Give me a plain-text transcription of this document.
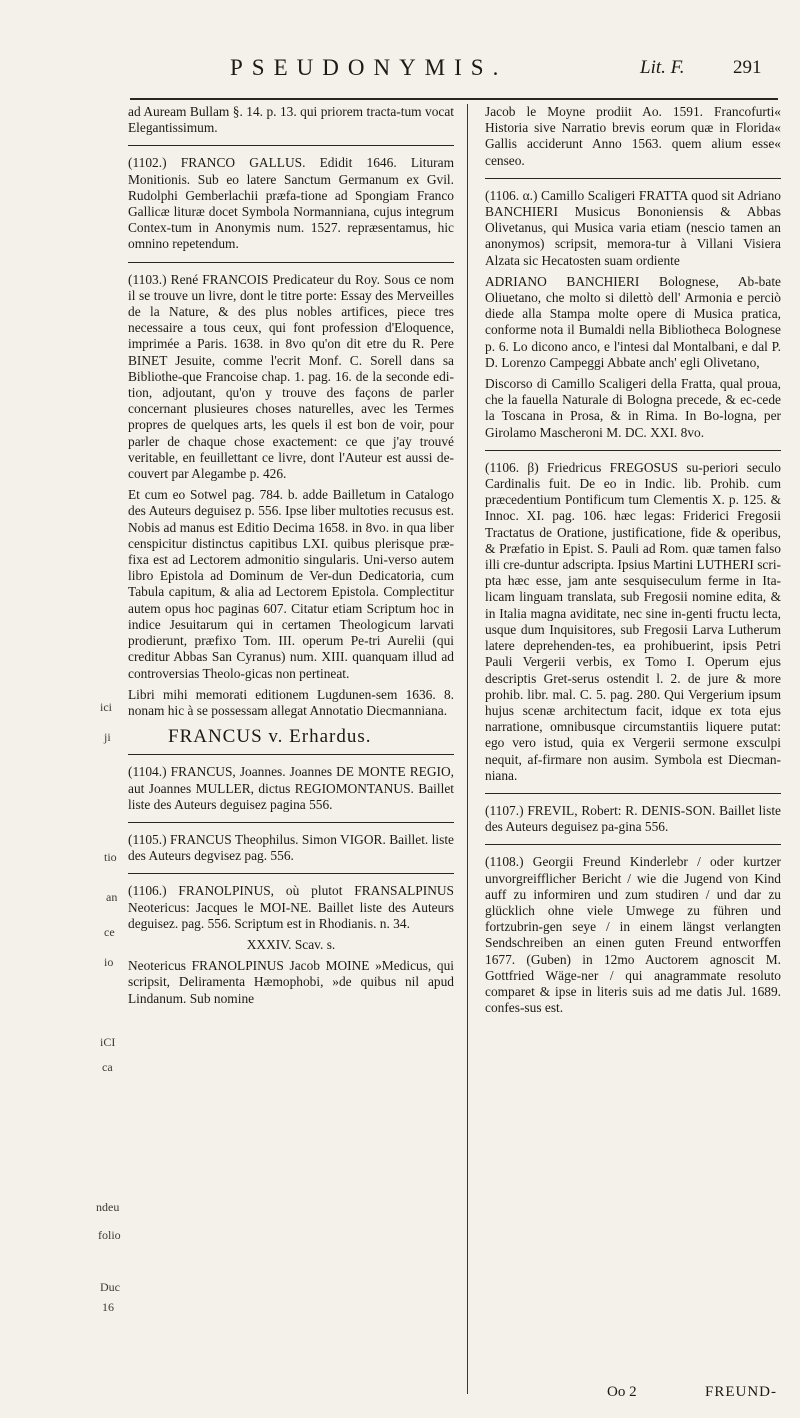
PSEUDONYMIS.	Lit. F.	291
ici
ji
tio
an
ce
io
iCI
ca
ndeu
folio
Duc
16

ad Auream Bullam §. 14. p. 13. qui priorem tracta-tum vocat Elegantissimum.

(1102.) FRANCO GALLUS. Edidit 1646. Lituram Monitionis. Sub eo latere Sanctum Germanum ex Gvil. Rudolphi Gemberlachii præfa-tione ad Spongiam Franco Gallicæ lituræ docet Symbola Normanniana, cujus integrum Contex-tum in Anonymis num. 1527. repræsentamus, hic omnino repetendum.

(1103.) René FRANCOIS Predicateur du Roy. Sous ce nom il se trouve un livre, dont le titre porte: Essay des Merveilles de la Nature, & des plus nobles artifices, piece tres necessaire a tous ceux, qui font profession d'Eloquence, imprimée a Paris. 1638. in 8vo qu'on dit etre du R. Pere BINET Jesuite, comme l'ecrit Monf. C. Sorell dans sa Bibliothe-que Francoise chap. 1. pag. 16. de la seconde edi-tion, adjoutant, qu'on y trouve des façons de parler concernant plusieures choses naturelles, avec les Termes propres de quelques arts, les quels il est bon de voir, pour parler de chaque chose exactement: ce que j'ay trouvé veritable, en feuillettant ce livre, dont l'Auteur est aussi de-couvert par Alegambe p. 426.

Et cum eo Sotwel pag. 784. b. adde Bailletum in Catalogo des Auteurs deguisez p. 556. Ipse liber multoties recusus est. Nobis ad manus est Editio Decima 1658. in 8vo. in qua liber censpicitur distinctus capitibus LXI. quibus plerisque præ-fixa est ad Lectorem admonitio singularis. Uni-verso autem libro Epistola ad Dominum de Ver-dun Dedicatoria, cum Tabula capitum, & alia ad Lectorem Epistola. Complectitur autem opus hoc paginas 607. Citatur etiam Scriptum hoc in indice Jesuitarum qui in certamen Theologicum larvati prodierunt, præfixo Tom. III. operum Pe-tri Aurelii (qui creditur Abbas San Cyranus) num. XIII. quanquam illud ad controversias Theolo-gicas non pertineat.

Libri mihi memorati editionem Lugdunen-sem 1636. 8. nonam hic à se possessam allegat Annotatio Diecmanniana.

FRANCUS v. Erhardus.

(1104.) FRANCUS, Joannes. Joannes DE MONTE REGIO, aut Joannes MULLER, dictus REGIOMONTANUS. Baillet liste des Auteurs deguisez pagina 556.

(1105.) FRANCUS Theophilus. Simon VIGOR. Baillet. liste des Auteurs degvisez pag. 556.

(1106.) FRANOLPINUS, où plutot FRANSALPINUS Neotericus: Jacques le MOI-NE. Baillet liste des Auteurs deguisez. pag. 556. Scriptum est in Rhodianis. n. 34.

XXXIV. Scav. s.

Neotericus FRANOLPINUS Jacob MOINE »Medicus, qui scripsit, Deliramenta Hæmophobi, »de quibus nil apud Lindanum. Sub nomine

Jacob le Moyne prodiit Ao. 1591. Francofurti« Historia sive Narratio brevis eorum quæ in Florida« Gallis acciderunt Anno 1563. quem alium esse« censeo.

(1106. α.) Camillo Scaligeri FRATTA quod sit Adriano BANCHIERI Musicus Bononiensis & Abbas Olivetanus, qui Musica varia etiam (nescio tamen an anonymos) scripsit, memora-tur à Villani Visiera Alzata sic Hecatosten suam ordiente

ADRIANO BANCHIERI Bolognese, Ab-bate Oliuetano, che molto si dilettò dell' Armonia e perciò diede alla Stampa molte opere di Musica pratica, conforme nota il Bumaldi nella Bibliotheca Bolognese p. 6. Lo dicono anco, e l'intesi dal Montalbani, e dal P. D. Lorenzo Campeggi Abbate anch' egli Olivetano,

Discorso di Camillo Scaligeri della Fratta, qual proua, che la fauella Naturale di Bologna precede, & ec-cede la Toscana in Prosa, & in Rima. In Bo-logna, per Girolamo Mascheroni M. DC. XXI. 8vo.

(1106. β) Friedricus FREGOSUS su-periori seculo Cardinalis fuit. De eo in Indic. lib. Prohib. cum præcedentium Pontificum tum Clementis X. p. 125. & Innoc. XI. pag. 106. hæc legas: Friderici Fregosii Tractatus de Oratione, justificatione, fide & operibus, & Præfatio in Epist. S. Pauli ad Rom. quæ tamen falso illi cre-duntur adscripta. Ipsius Martini LUTHERI scri-pta hæc esse, jam ante sesquiseculum ferme in Ita-licam linguam translata, sub Fregosii nomine edita, & in Italia magna aviditate, nec sine in-genti fructu lecta, usque dum Inquisitores, sub Fregosii Larva Lutherum latere deprehenden-tes, ea prohibuerint, ipsis Petri Pauli Vergerii verbis, ex Tomo I. Operum ejus descriptis Gret-serus ostendit l. 2. de jure & more prohib. libr. mal. C. 5. pag. 280. Qui Vergerium ipsum hujus scenæ architectum facit, idque ex tota ejus narratione, omnibusque circumstantiis liquere putat: ego vero istud, quia ex Vergerii sermone exsculpi nequit, af-firmare non ausim. Symbola est Diecman-niana.

(1107.) FREVIL, Robert: R. DENIS-SON. Baillet liste des Auteurs deguisez pa-gina 556.

(1108.) Georgii Freund Kinderlebr / oder kurtzer unvorgreifflicher Bericht / wie die Jugend von Kind auff zu informiren und zum studiren / und dar zu glücklich ohne viele Umwege zu führen und fortzubrin-gen seye / in einem längst verlangten Sendschreiben an einen guten Freund entworffen 1677. (Guben) in 12mo Auctorem agnoscit M. Gottfried Wäge-ner / qui anagrammate resoluto comparet & ipse in literis suis ad me datis Jul. 1689. confes-sus est.

Oo 2	FREUND-
